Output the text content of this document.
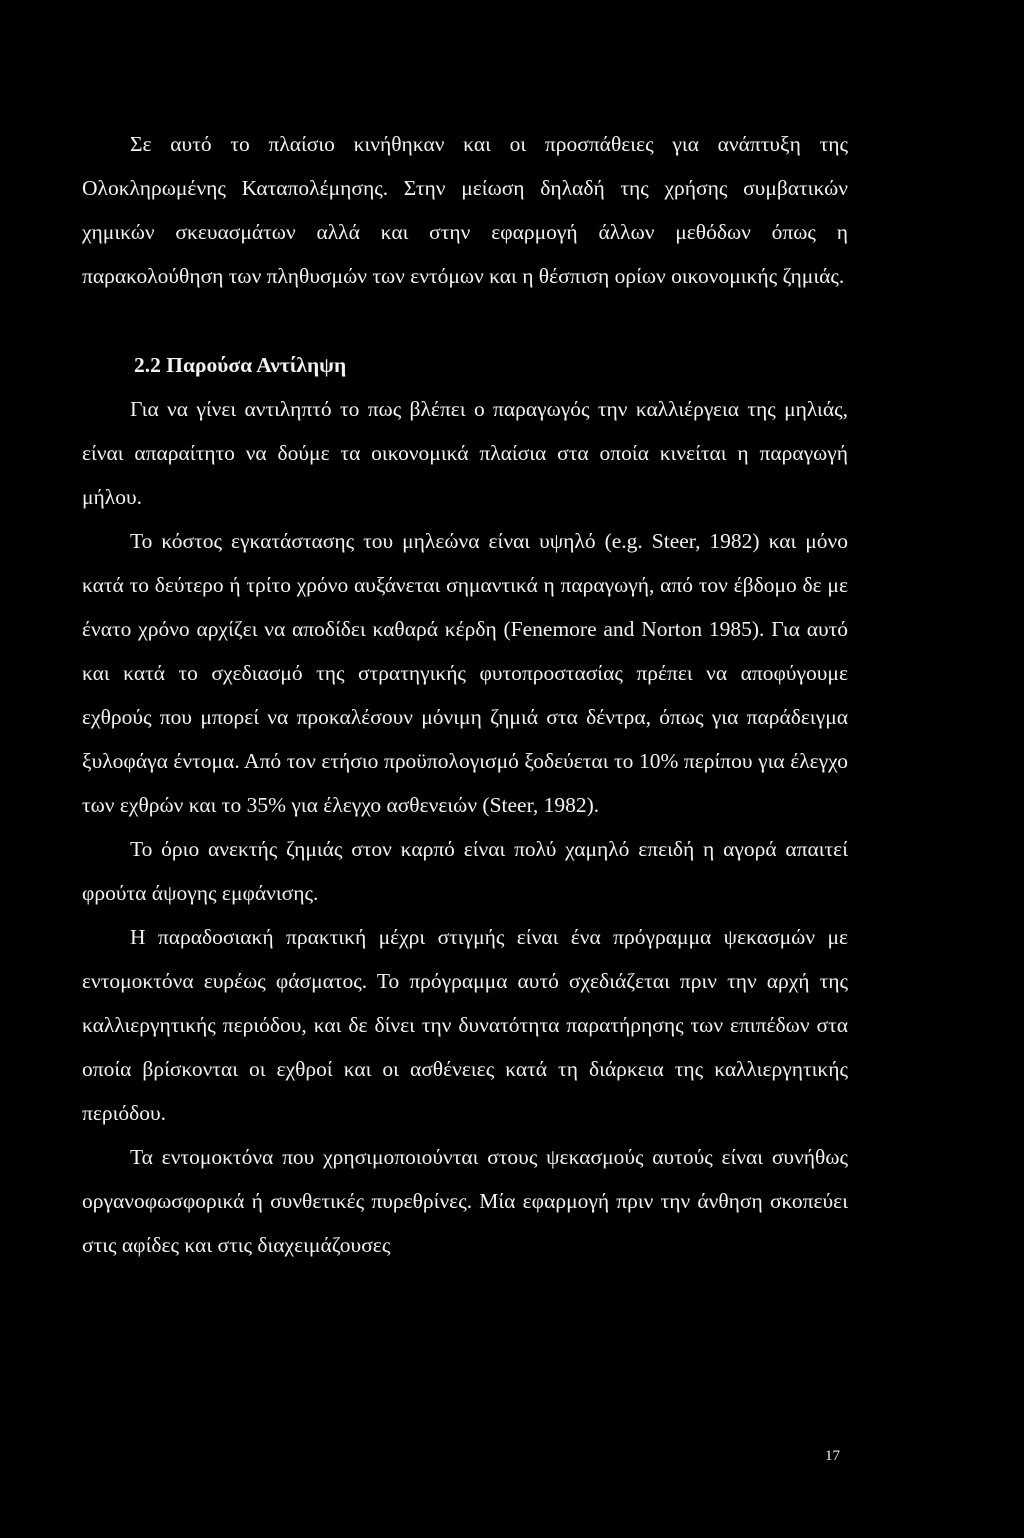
Σε αυτό το πλαίσιο κινήθηκαν και οι προσπάθειες για ανάπτυξη της Ολοκληρωμένης Καταπολέμησης. Στην μείωση δηλαδή της χρήσης συμβατικών χημικών σκευασμάτων αλλά και στην εφαρμογή άλλων μεθόδων όπως η παρακολούθηση των πληθυσμών των εντόμων και η θέσπιση ορίων οικονομικής ζημιάς.

2.2 Παρούσα Αντίληψη

Για να γίνει αντιληπτό το πως βλέπει ο παραγωγός την καλλιέργεια της μηλιάς, είναι απαραίτητο να δούμε τα οικονομικά πλαίσια στα οποία κινείται η παραγωγή μήλου.

Το κόστος εγκατάστασης του μηλεώνα είναι υψηλό (e.g. Steer, 1982) και μόνο κατά το δεύτερο ή τρίτο χρόνο αυξάνεται σημαντικά η παραγωγή, από τον έβδομο δε με ένατο χρόνο αρχίζει να αποδίδει καθαρά κέρδη (Fenemore and Norton 1985). Για αυτό και κατά το σχεδιασμό της στρατηγικής φυτοπροστασίας πρέπει να αποφύγουμε εχθρούς που μπορεί να προκαλέσουν μόνιμη ζημιά στα δέντρα, όπως για παράδειγμα ξυλοφάγα έντομα. Από τον ετήσιο προϋπολογισμό ξοδεύεται το 10% περίπου για έλεγχο των εχθρών και το 35% για έλεγχο ασθενειών (Steer, 1982).

Το όριο ανεκτής ζημιάς στον καρπό είναι πολύ χαμηλό επειδή η αγορά απαιτεί φρούτα άψογης εμφάνισης.

Η παραδοσιακή πρακτική μέχρι στιγμής είναι ένα πρόγραμμα ψεκασμών με εντομοκτόνα ευρέως φάσματος. Το πρόγραμμα αυτό σχεδιάζεται πριν την αρχή της καλλιεργητικής περιόδου, και δε δίνει την δυνατότητα παρατήρησης των επιπέδων στα οποία βρίσκονται οι εχθροί και οι ασθένειες κατά τη διάρκεια της καλλιεργητικής περιόδου.

Τα εντομοκτόνα που χρησιμοποιούνται στους ψεκασμούς αυτούς είναι συνήθως οργανοφωσφορικά ή συνθετικές πυρεθρίνες. Μία εφαρμογή πριν την άνθηση σκοπεύει στις αφίδες και στις διαχειμάζουσες

17
